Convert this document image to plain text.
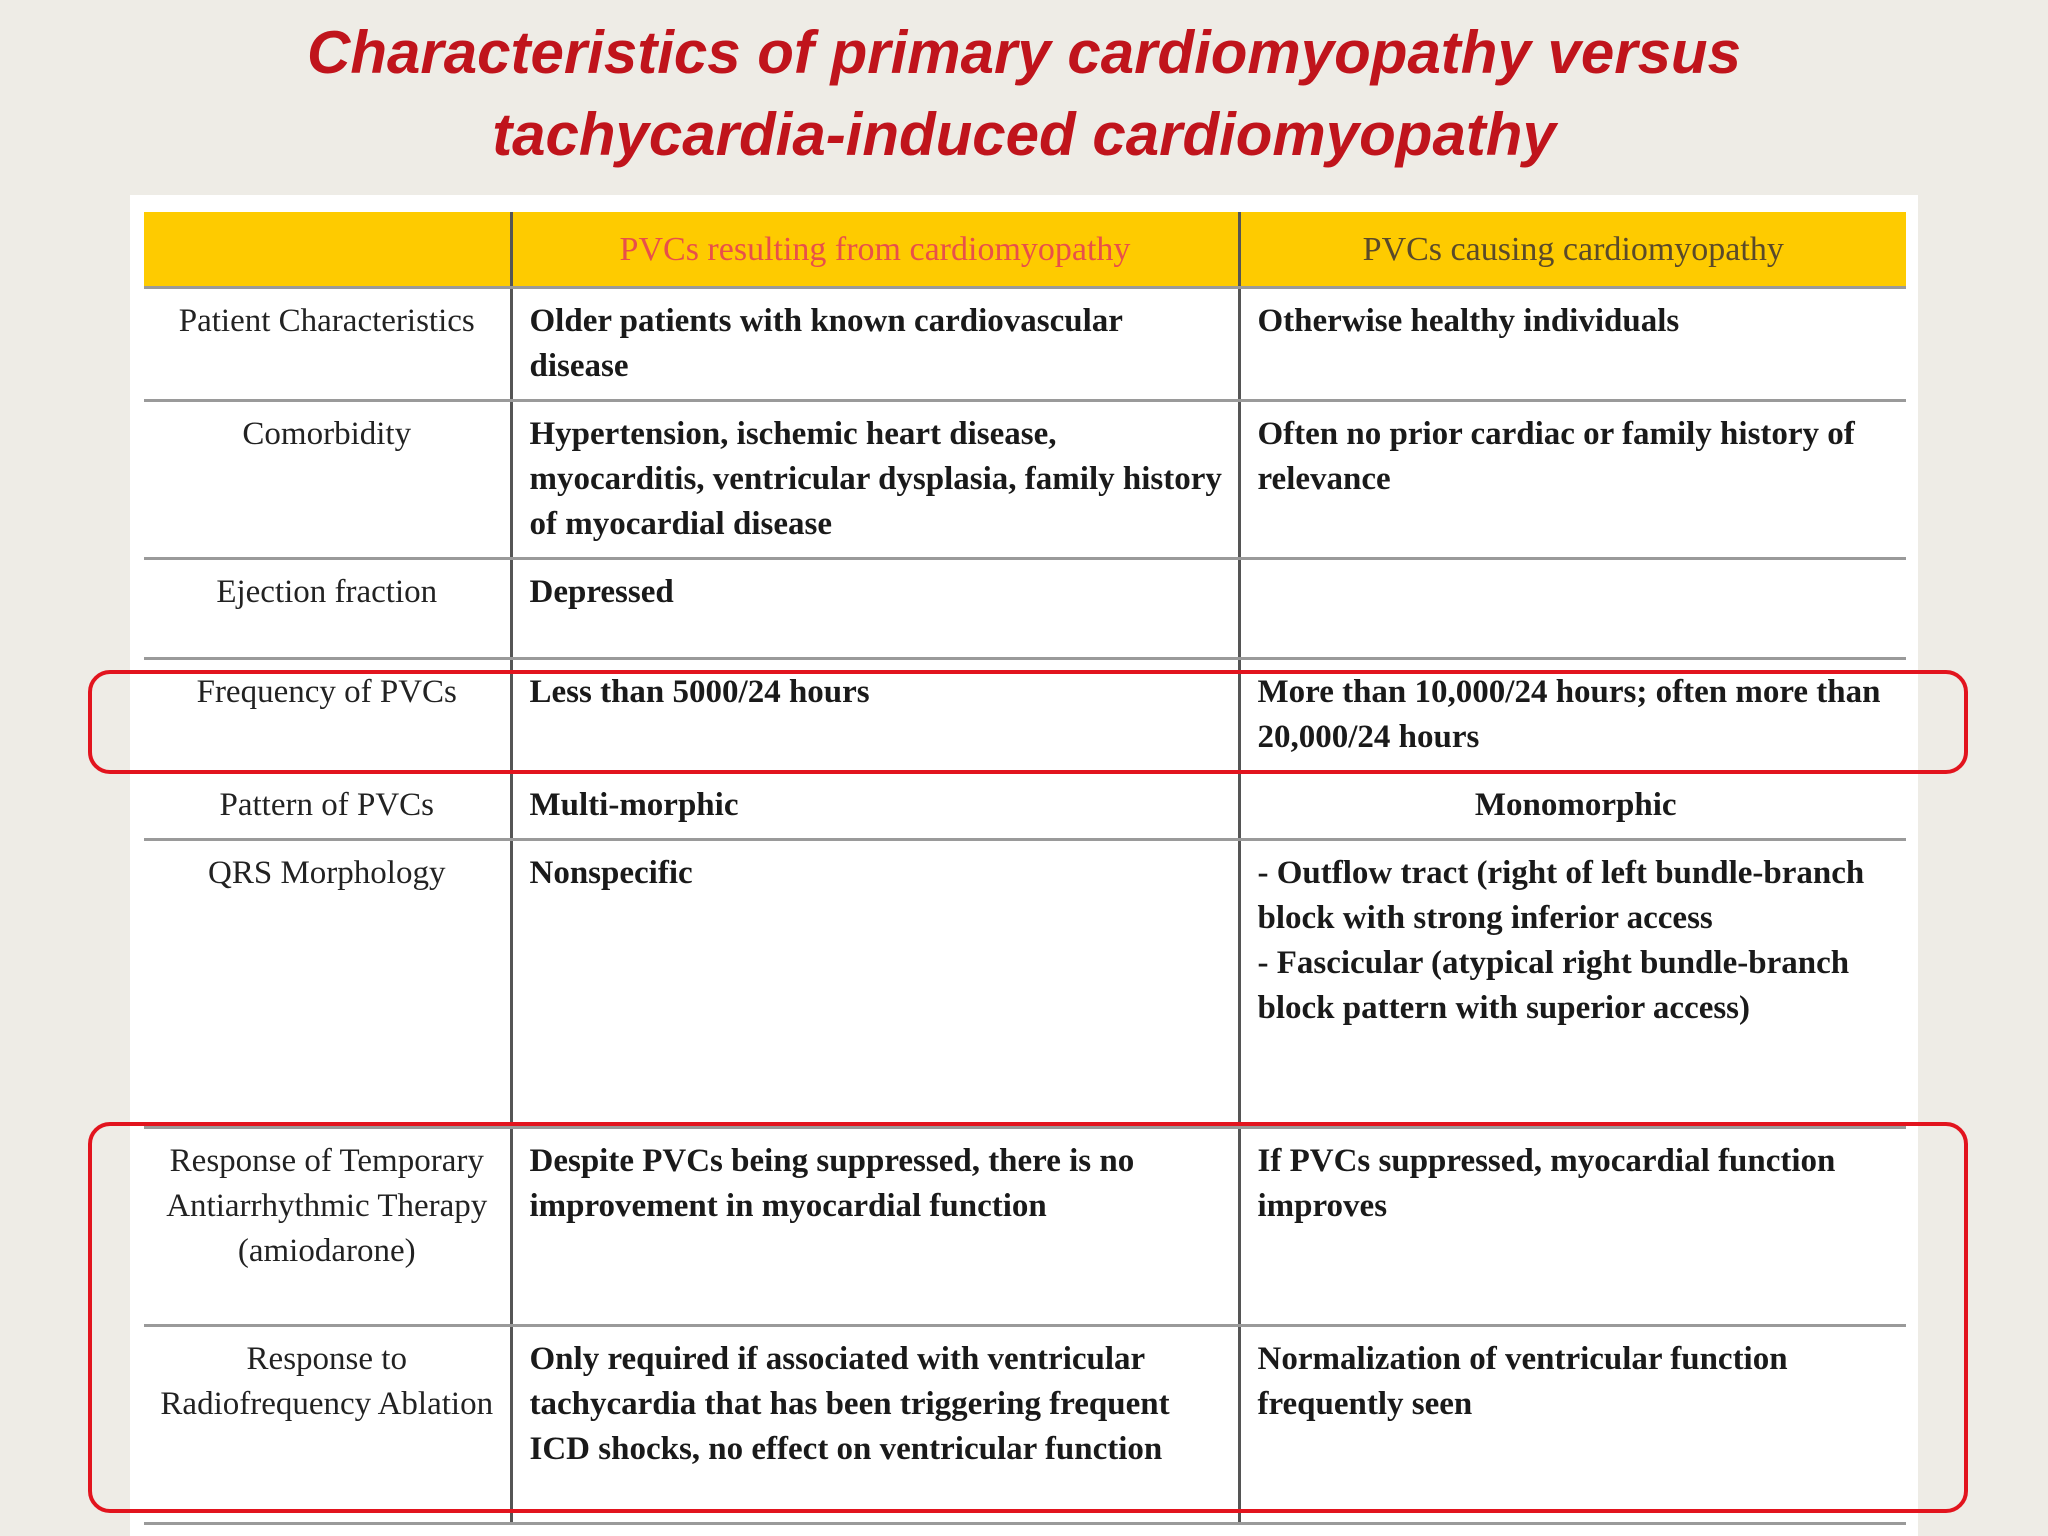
Characteristics of primary cardiomyopathy versus
tachycardia-induced cardiomyopathy
	PVCs resulting from cardiomyopathy	PVCs causing cardiomyopathy
Patient Characteristics	Older patients with known cardiovascular disease	Otherwise healthy individuals
Comorbidity	Hypertension, ischemic heart disease, myocarditis, ventricular dysplasia, family history of myocardial disease	Often no prior cardiac or family history of relevance
Ejection fraction	Depressed	
Frequency of PVCs	Less than 5000/24 hours	More than 10,000/24 hours; often more than 20,000/24 hours
Pattern of PVCs	Multi-morphic	Monomorphic
QRS Morphology	Nonspecific	- Outflow tract (right of left bundle-branch block with strong inferior access
- Fascicular (atypical right bundle-branch block pattern with superior access)

Response of Temporary Antiarrhythmic Therapy (amiodarone)	Despite PVCs being suppressed, there is no improvement in myocardial function	If PVCs suppressed, myocardial function improves
Response to Radiofrequency Ablation	Only required if associated with ventricular tachycardia that has been triggering frequent ICD shocks, no effect on ventricular function	Normalization of ventricular function frequently seen
